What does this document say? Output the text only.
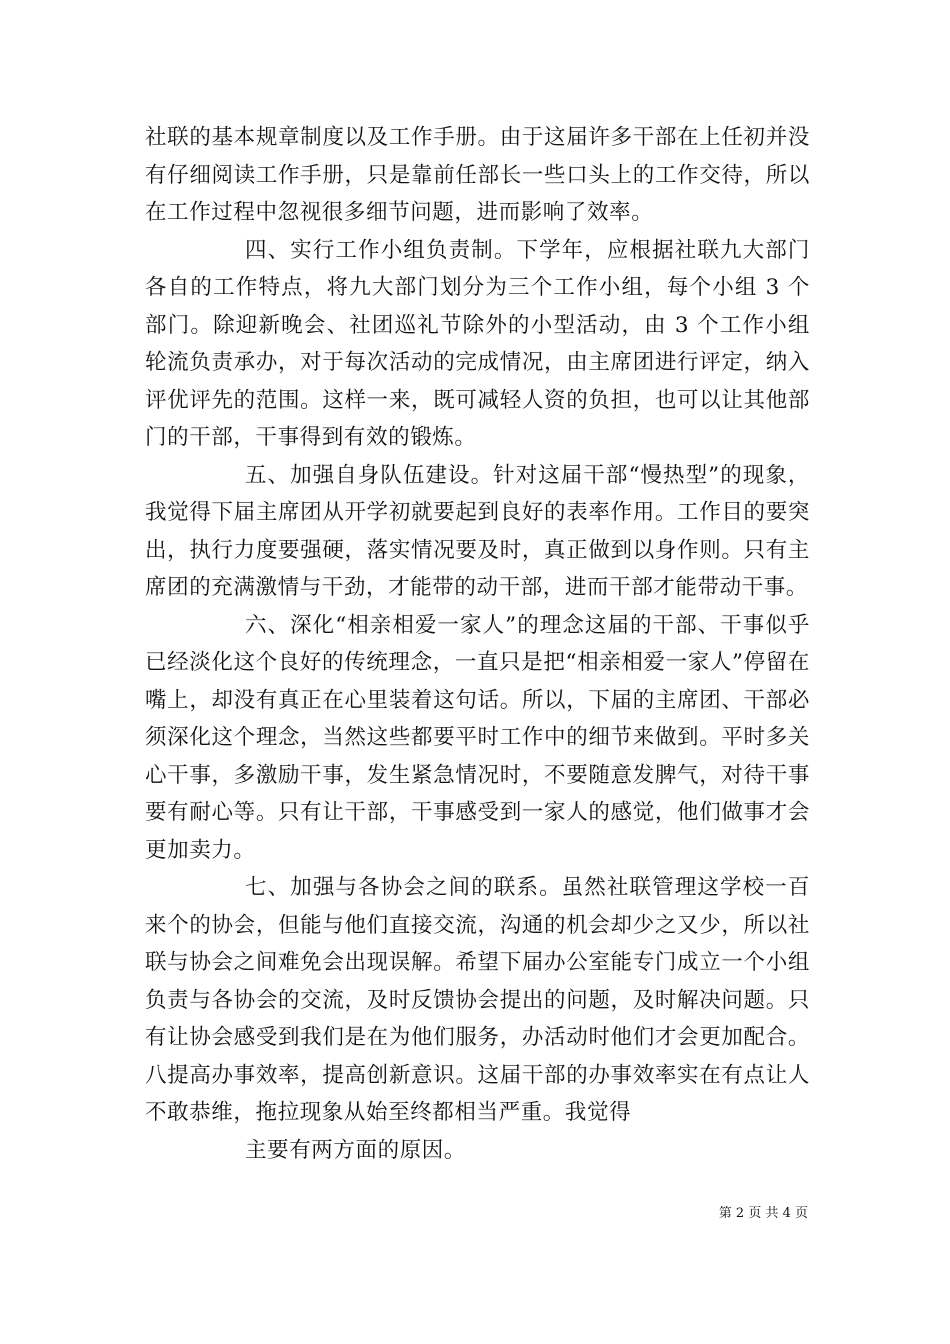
社联的基本规章制度以及工作手册。由于这届许多干部在上任初并没有仔细阅读工作手册，只是靠前任部长一些口头上的工作交待，所以在工作过程中忽视很多细节问题，进而影响了效率。

四、实行工作小组负责制。下学年，应根据社联九大部门各自的工作特点，将九大部门划分为三个工作小组，每个小组 3 个部门。除迎新晚会、社团巡礼节除外的小型活动，由 3 个工作小组轮流负责承办，对于每次活动的完成情况，由主席团进行评定，纳入评优评先的范围。这样一来，既可减轻人资的负担，也可以让其他部门的干部，干事得到有效的锻炼。

五、加强自身队伍建设。针对这届干部“慢热型”的现象，我觉得下届主席团从开学初就要起到良好的表率作用。工作目的要突出，执行力度要强硬，落实情况要及时，真正做到以身作则。只有主席团的充满激情与干劲，才能带的动干部，进而干部才能带动干事。

六、深化“相亲相爱一家人”的理念这届的干部、干事似乎已经淡化这个良好的传统理念，一直只是把“相亲相爱一家人”停留在嘴上，却没有真正在心里装着这句话。所以，下届的主席团、干部必须深化这个理念，当然这些都要平时工作中的细节来做到。平时多关心干事，多激励干事，发生紧急情况时，不要随意发脾气，对待干事要有耐心等。只有让干部，干事感受到一家人的感觉，他们做事才会更加卖力。

七、加强与各协会之间的联系。虽然社联管理这学校一百来个的协会，但能与他们直接交流，沟通的机会却少之又少，所以社联与协会之间难免会出现误解。希望下届办公室能专门成立一个小组负责与各协会的交流，及时反馈协会提出的问题，及时解决问题。只有让协会感受到我们是在为他们服务，办活动时他们才会更加配合。八提高办事效率，提高创新意识。这届干部的办事效率实在有点让人不敢恭维，拖拉现象从始至终都相当严重。我觉得

主要有两方面的原因。

第 2 页 共 4 页
